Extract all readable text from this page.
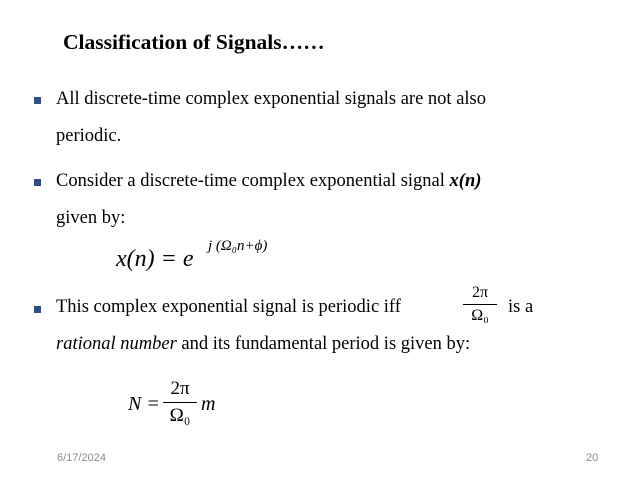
Classification of Signals……
All discrete-time complex exponential signals are not also
periodic.
Consider a discrete-time complex exponential signal x(n)
given by:
x(n) = e j (Ω₀n+ϕ)
This complex exponential signal is periodic iff
2π
Ω₀	is a
rational number and its fundamental period is given by:
N =
2π
Ω₀
m
6/17/2024	20
